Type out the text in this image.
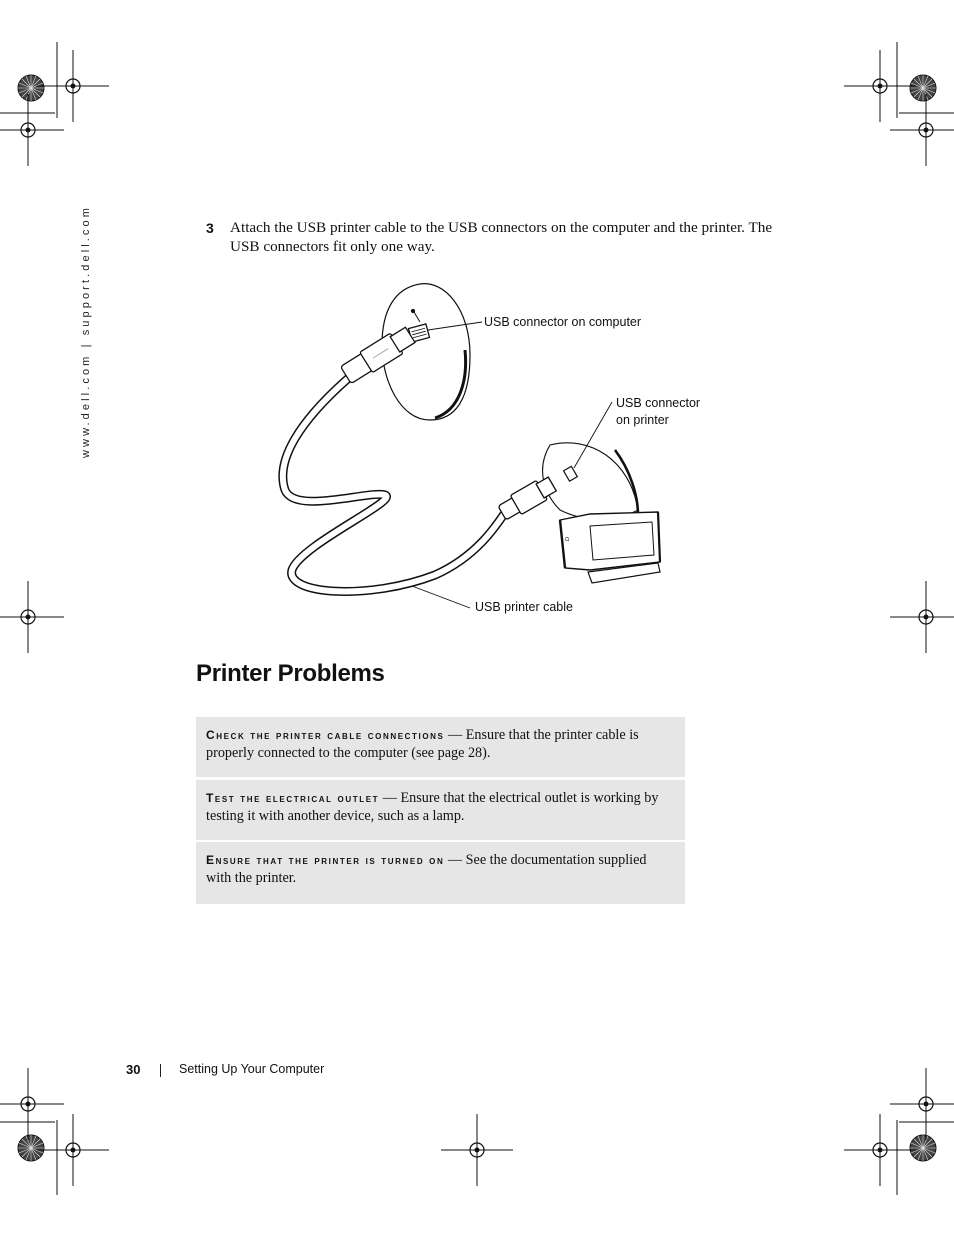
www.dell.com | support.dell.com	3 Attach the USB printer cable to the USB connectors on the computer and the printer. The USB connectors fit only one way.
D
USB connector on computer
USB connector
on printer
USB printer cable
Printer Problems
Check the printer cable connections — Ensure that the printer cable is properly connected to the computer (see page 28).
Test the electrical outlet — Ensure that the electrical outlet is working by testing it with another device, such as a lamp.
Ensure that the printer is turned on — See the documentation supplied with the printer.
30	Setting Up Your Computer
